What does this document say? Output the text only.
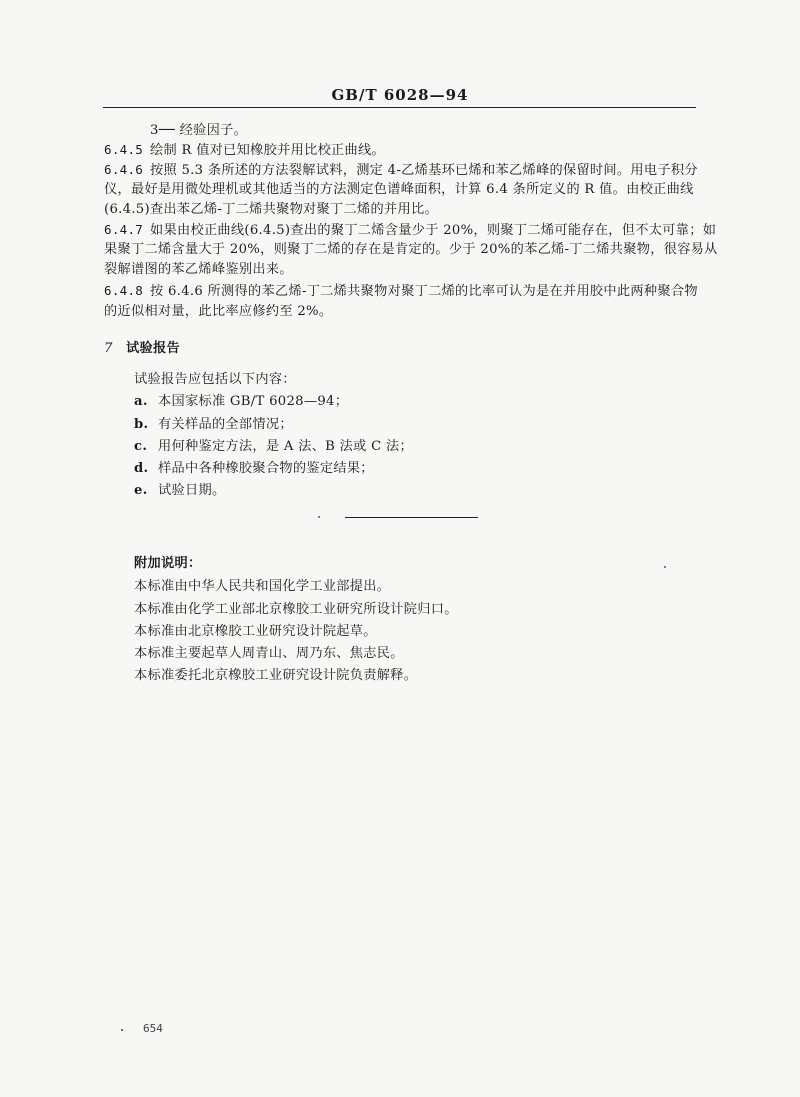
GB/T 6028—94
3── 经验因子。
6.4.5 绘制 R 值对已知橡胶并用比校正曲线。
6.4.6 按照 5.3 条所述的方法裂解试料，测定 4-乙烯基环已烯和苯乙烯峰的保留时间。用电子积分
仪，最好是用微处理机或其他适当的方法测定色谱峰面积，计算 6.4 条所定义的 R 值。由校正曲线
(6.4.5)查出苯乙烯-丁二烯共聚物对聚丁二烯的并用比。
6.4.7 如果由校正曲线(6.4.5)查出的聚丁二烯含量少于 20%，则聚丁二烯可能存在，但不太可靠；如
果聚丁二烯含量大于 20%，则聚丁二烯的存在是肯定的。少于 20%的苯乙烯-丁二烯共聚物，很容易从
裂解谱图的苯乙烯峰鉴别出来。
6.4.8 按 6.4.6 所测得的苯乙烯-丁二烯共聚物对聚丁二烯的比率可认为是在并用胶中此两种聚合物
的近似相对量，此比率应修约至 2%。
7 试验报告
试验报告应包括以下内容：
a. 本国家标准 GB/T 6028—94；
b. 有关样品的全部情况；
c. 用何种鉴定方法，是 A 法、B 法或 C 法；
d. 样品中各种橡胶聚合物的鉴定结果；
e. 试验日期。
附加说明：
本标准由中华人民共和国化学工业部提出。
本标准由化学工业部北京橡胶工业研究所设计院归口。
本标准由北京橡胶工业研究设计院起草。
本标准主要起草人周青山、周乃东、焦志民。
本标准委托北京橡胶工业研究设计院负责解释。
654
